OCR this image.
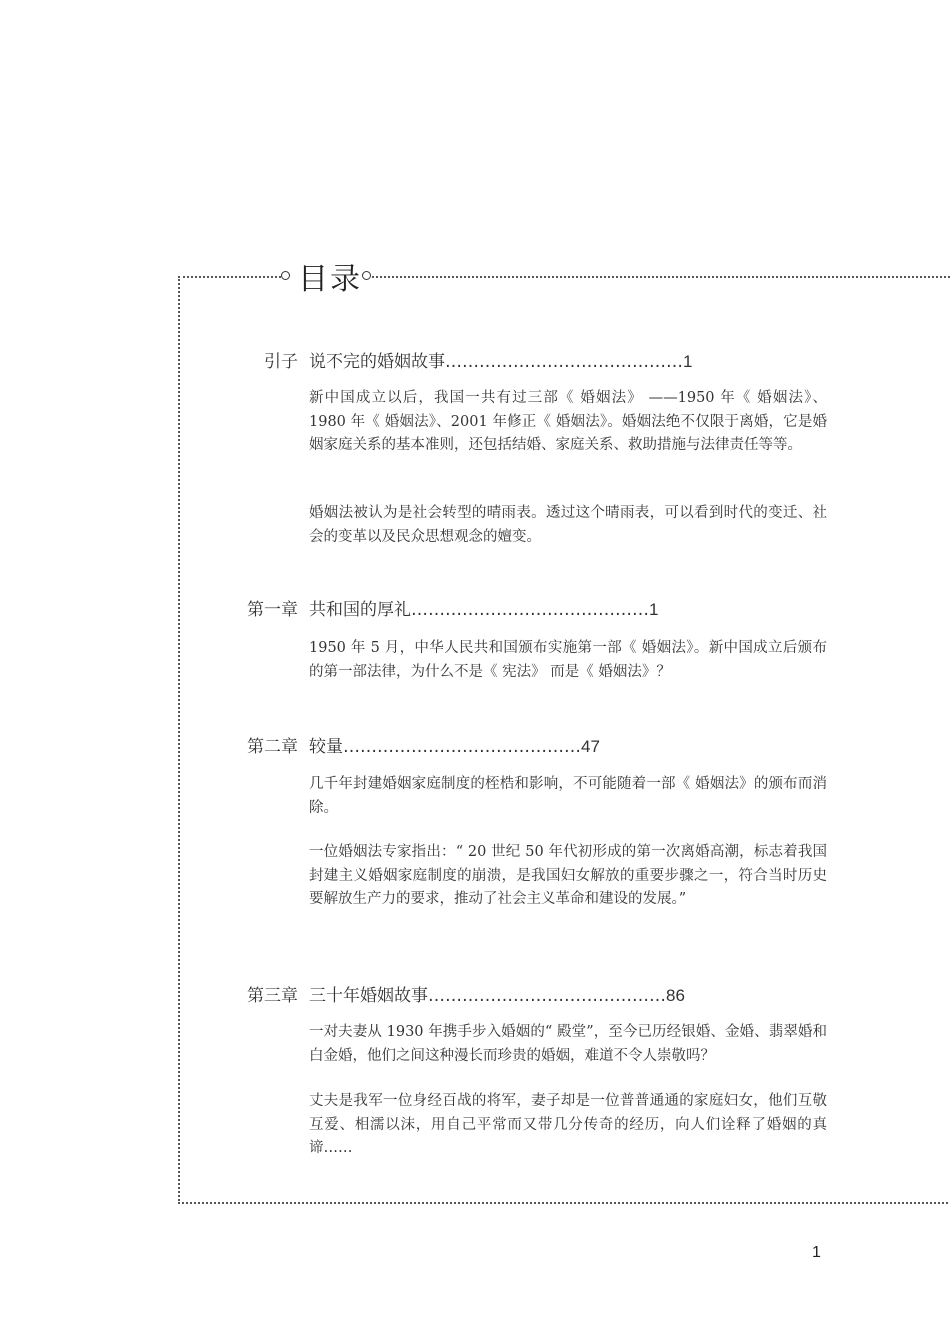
目录
引子 说不完的婚姻故事……………………………………1
新中国成立以后，我国一共有过三部《 婚姻法》 ——1950 年《 婚姻法》、1980 年《 婚姻法》、2001 年修正《 婚姻法》。婚姻法绝不仅限于离婚，它是婚姻家庭关系的基本准则，还包括结婚、家庭关系、救助措施与法律责任等等。
婚姻法被认为是社会转型的晴雨表。透过这个晴雨表，可以看到时代的变迁、社会的变革以及民众思想观念的嬗变。
第一章 共和国的厚礼……………………………………1
1950 年 5 月，中华人民共和国颁布实施第一部《 婚姻法》。新中国成立后颁布的第一部法律，为什么不是《 宪法》 而是《 婚姻法》？
第二章 较量……………………………………47
几千年封建婚姻家庭制度的桎梏和影响，不可能随着一部《 婚姻法》的颁布而消除。
一位婚姻法专家指出：“ 20 世纪 50 年代初形成的第一次离婚高潮，标志着我国封建主义婚姻家庭制度的崩溃，是我国妇女解放的重要步骤之一，符合当时历史要解放生产力的要求，推动了社会主义革命和建设的发展。”
第三章 三十年婚姻故事……………………………………86
一对夫妻从 1930 年携手步入婚姻的“ 殿堂”，至今已历经银婚、金婚、翡翠婚和白金婚，他们之间这种漫长而珍贵的婚姻，难道不令人崇敬吗？
丈夫是我军一位身经百战的将军，妻子却是一位普普通通的家庭妇女，他们互敬互爱、相濡以沫，用自己平常而又带几分传奇的经历，向人们诠释了婚姻的真谛……
1
